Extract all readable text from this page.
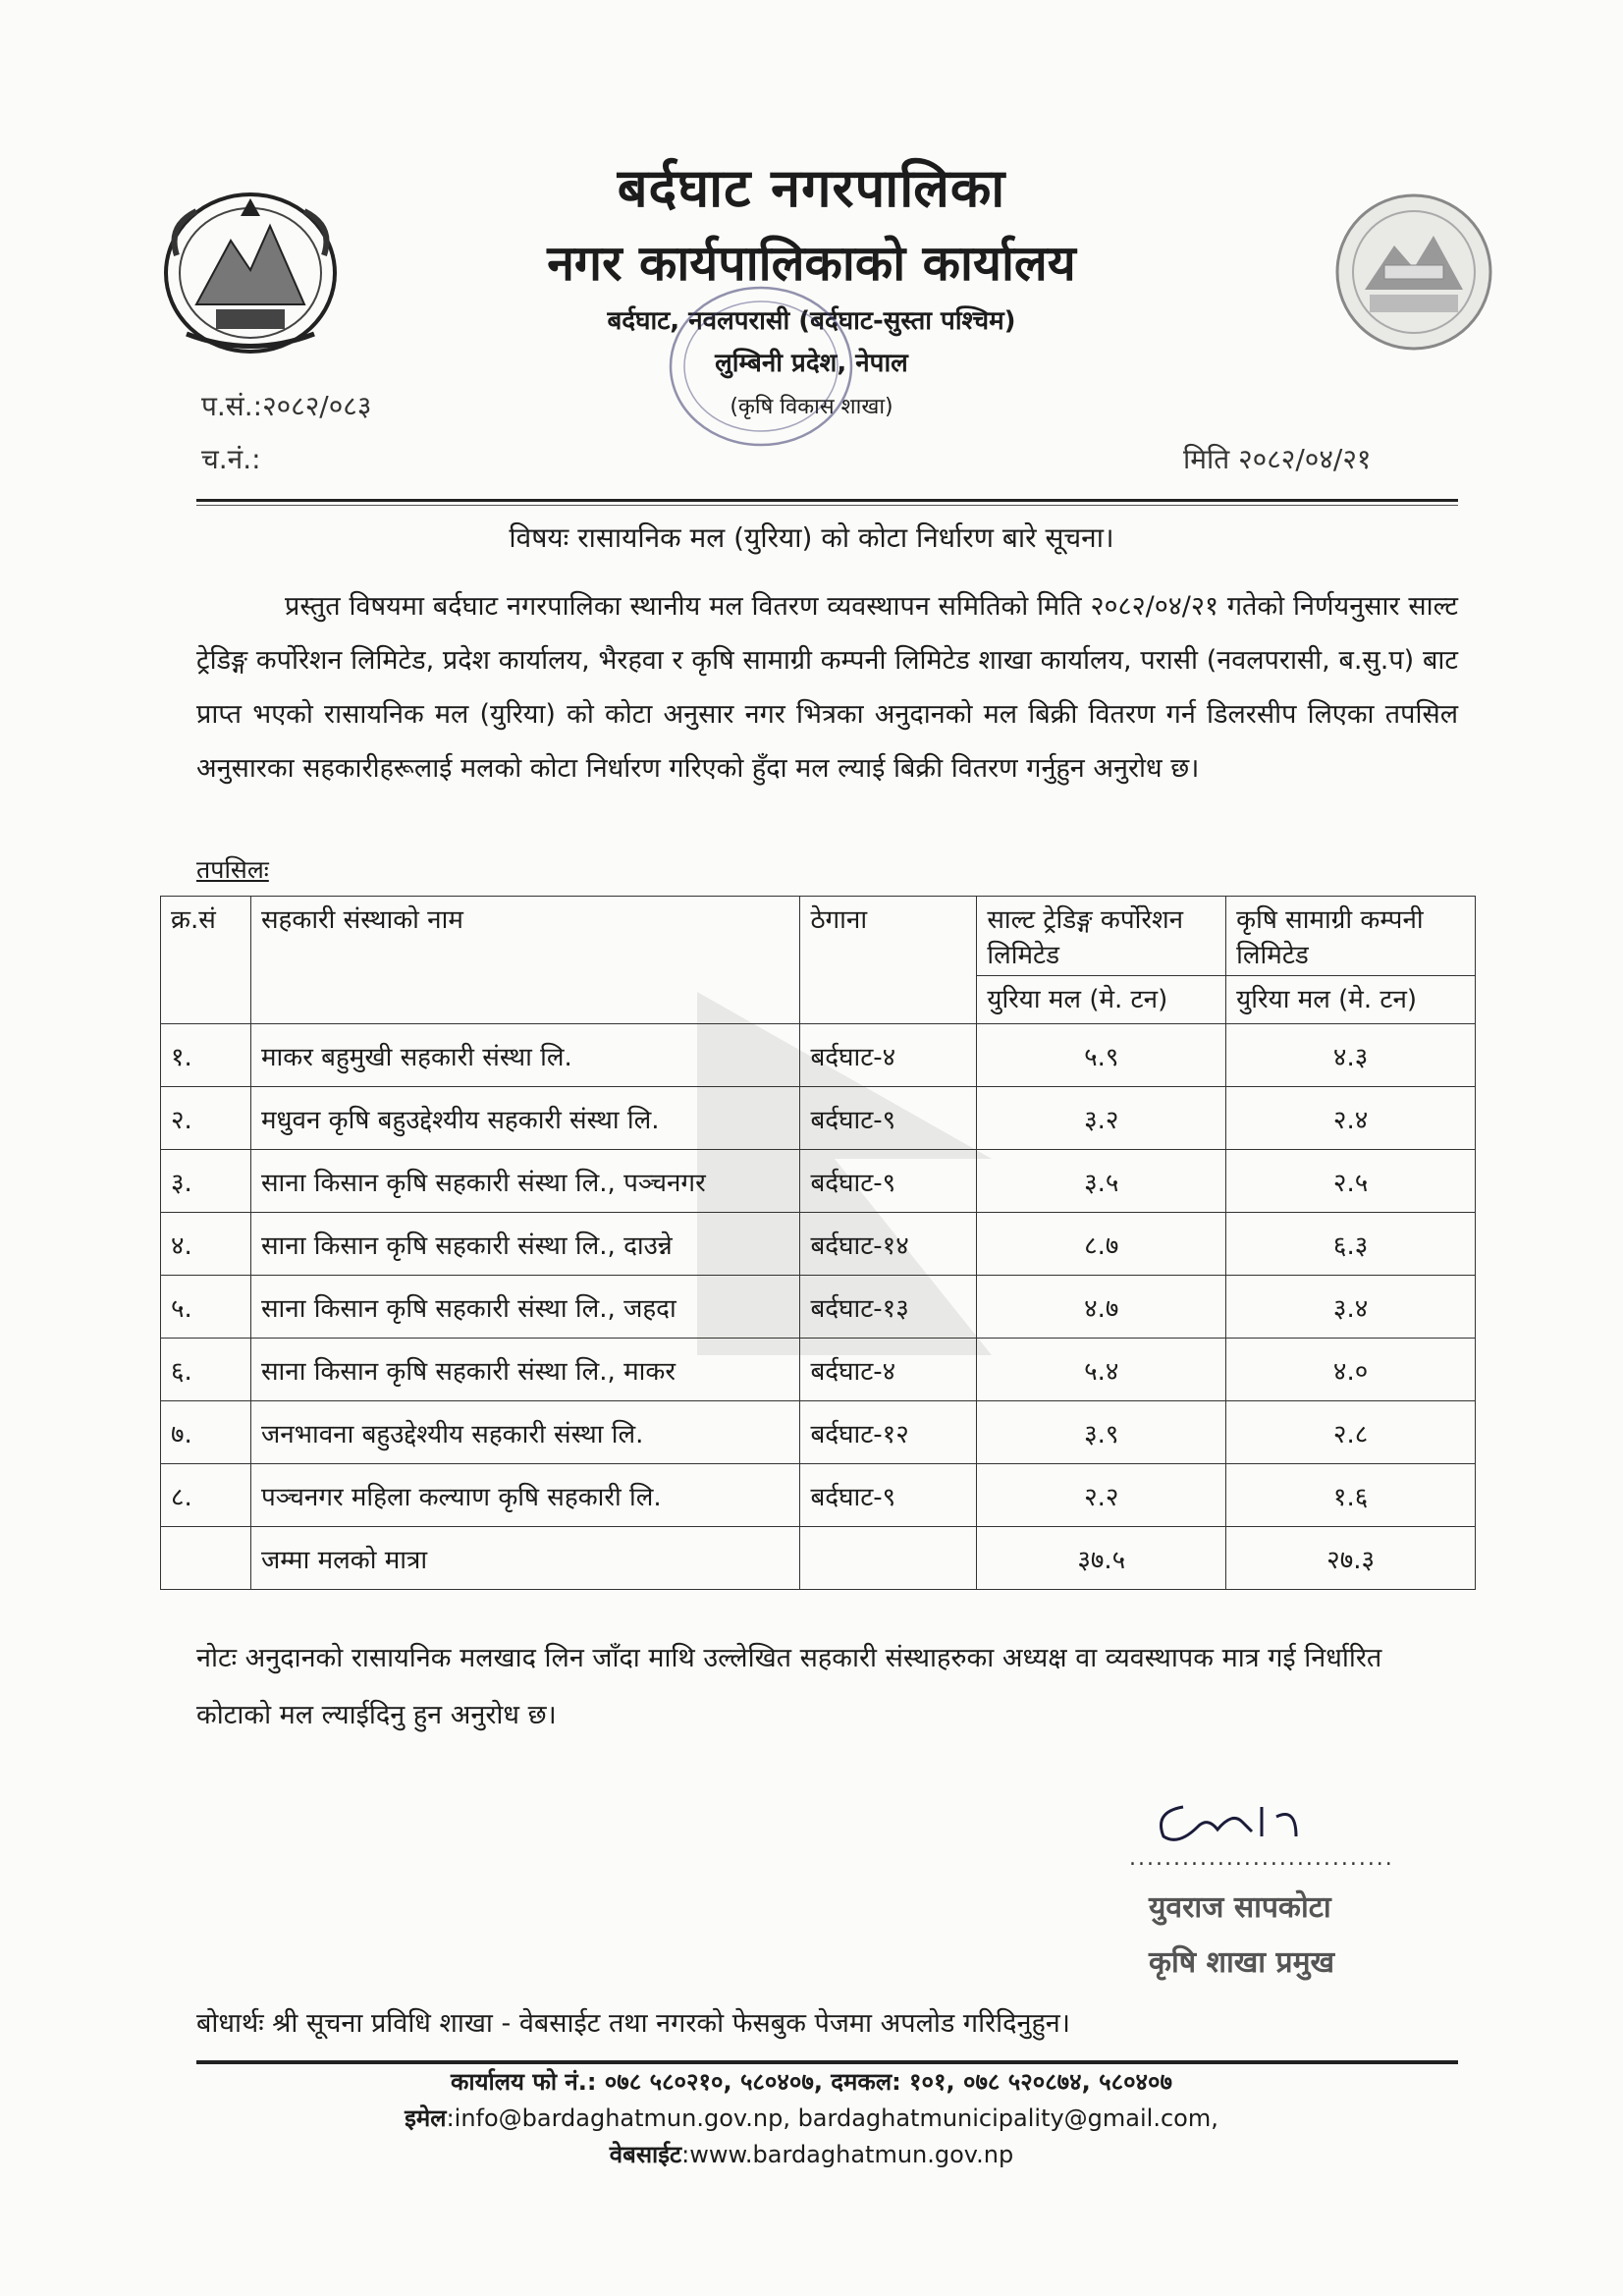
बर्दघाट नगरपालिका
नगर कार्यपालिकाको कार्यालय
बर्दघाट, नवलपरासी (बर्दघाट-सुस्ता पश्चिम)
लुम्बिनी प्रदेश, नेपाल
(कृषि विकास शाखा)
प.सं.:२०८२/०८३
च.नं.:	मिति २०८२/०४/२१
विषयः रासायनिक मल (युरिया) को कोटा निर्धारण बारे सूचना।
प्रस्तुत विषयमा बर्दघाट नगरपालिका स्थानीय मल वितरण व्यवस्थापन समितिको मिति २०८२/०४/२१ गतेको निर्णयनुसार साल्ट ट्रेडिङ्ग कर्पोरेशन लिमिटेड, प्रदेश कार्यालय, भैरहवा र कृषि सामाग्री कम्पनी लिमिटेड शाखा कार्यालय, परासी (नवलपरासी, ब.सु.प) बाट प्राप्त भएको रासायनिक मल (युरिया) को कोटा अनुसार नगर भित्रका अनुदानको मल बिक्री वितरण गर्न डिलरसीप लिएका तपसिल अनुसारका सहकारीहरूलाई मलको कोटा निर्धारण गरिएको हुँदा मल ल्याई बिक्री वितरण गर्नुहुन अनुरोध छ।
तपसिलः
क्र.सं	सहकारी संस्थाको नाम	ठेगाना	साल्ट ट्रेडिङ्ग कर्पोरेशन लिमिटेड	कृषि सामाग्री कम्पनी लिमिटेड
			युरिया मल (मे. टन)	युरिया मल (मे. टन)
१.	माकर बहुमुखी सहकारी संस्था लि.	बर्दघाट-४	५.९	४.३
२.	मधुवन कृषि बहुउद्देश्यीय सहकारी संस्था लि.	बर्दघाट-९	३.२	२.४
३.	साना किसान कृषि सहकारी संस्था लि., पञ्चनगर	बर्दघाट-९	३.५	२.५
४.	साना किसान कृषि सहकारी संस्था लि., दाउन्ने	बर्दघाट-१४	८.७	६.३
५.	साना किसान कृषि सहकारी संस्था लि., जहदा	बर्दघाट-१३	४.७	३.४
६.	साना किसान कृषि सहकारी संस्था लि., माकर	बर्दघाट-४	५.४	४.०
७.	जनभावना बहुउद्देश्यीय सहकारी संस्था लि.	बर्दघाट-१२	३.९	२.८
८.	पञ्चनगर महिला कल्याण कृषि सहकारी लि.	बर्दघाट-९	२.२	१.६
	जम्मा मलको मात्रा		३७.५	२७.३
नोटः अनुदानको रासायनिक मलखाद लिन जाँदा माथि उल्लेखित सहकारी संस्थाहरुका अध्यक्ष वा व्यवस्थापक मात्र गई निर्धारित कोटाको मल ल्याईदिनु हुन अनुरोध छ।
..............................
युवराज सापकोटा
कृषि शाखा प्रमुख
बोधार्थः श्री सूचना प्रविधि शाखा - वेबसाईट तथा नगरको फेसबुक पेजमा अपलोड गरिदिनुहुन।
कार्यालय फो नं.: ०७८ ५८०२१०, ५८०४०७, दमकल: १०१, ०७८ ५२०८७४, ५८०४०७
इमेल:info@bardaghatmun.gov.np, bardaghatmunicipality@gmail.com,
वेबसाईट:www.bardaghatmun.gov.np
